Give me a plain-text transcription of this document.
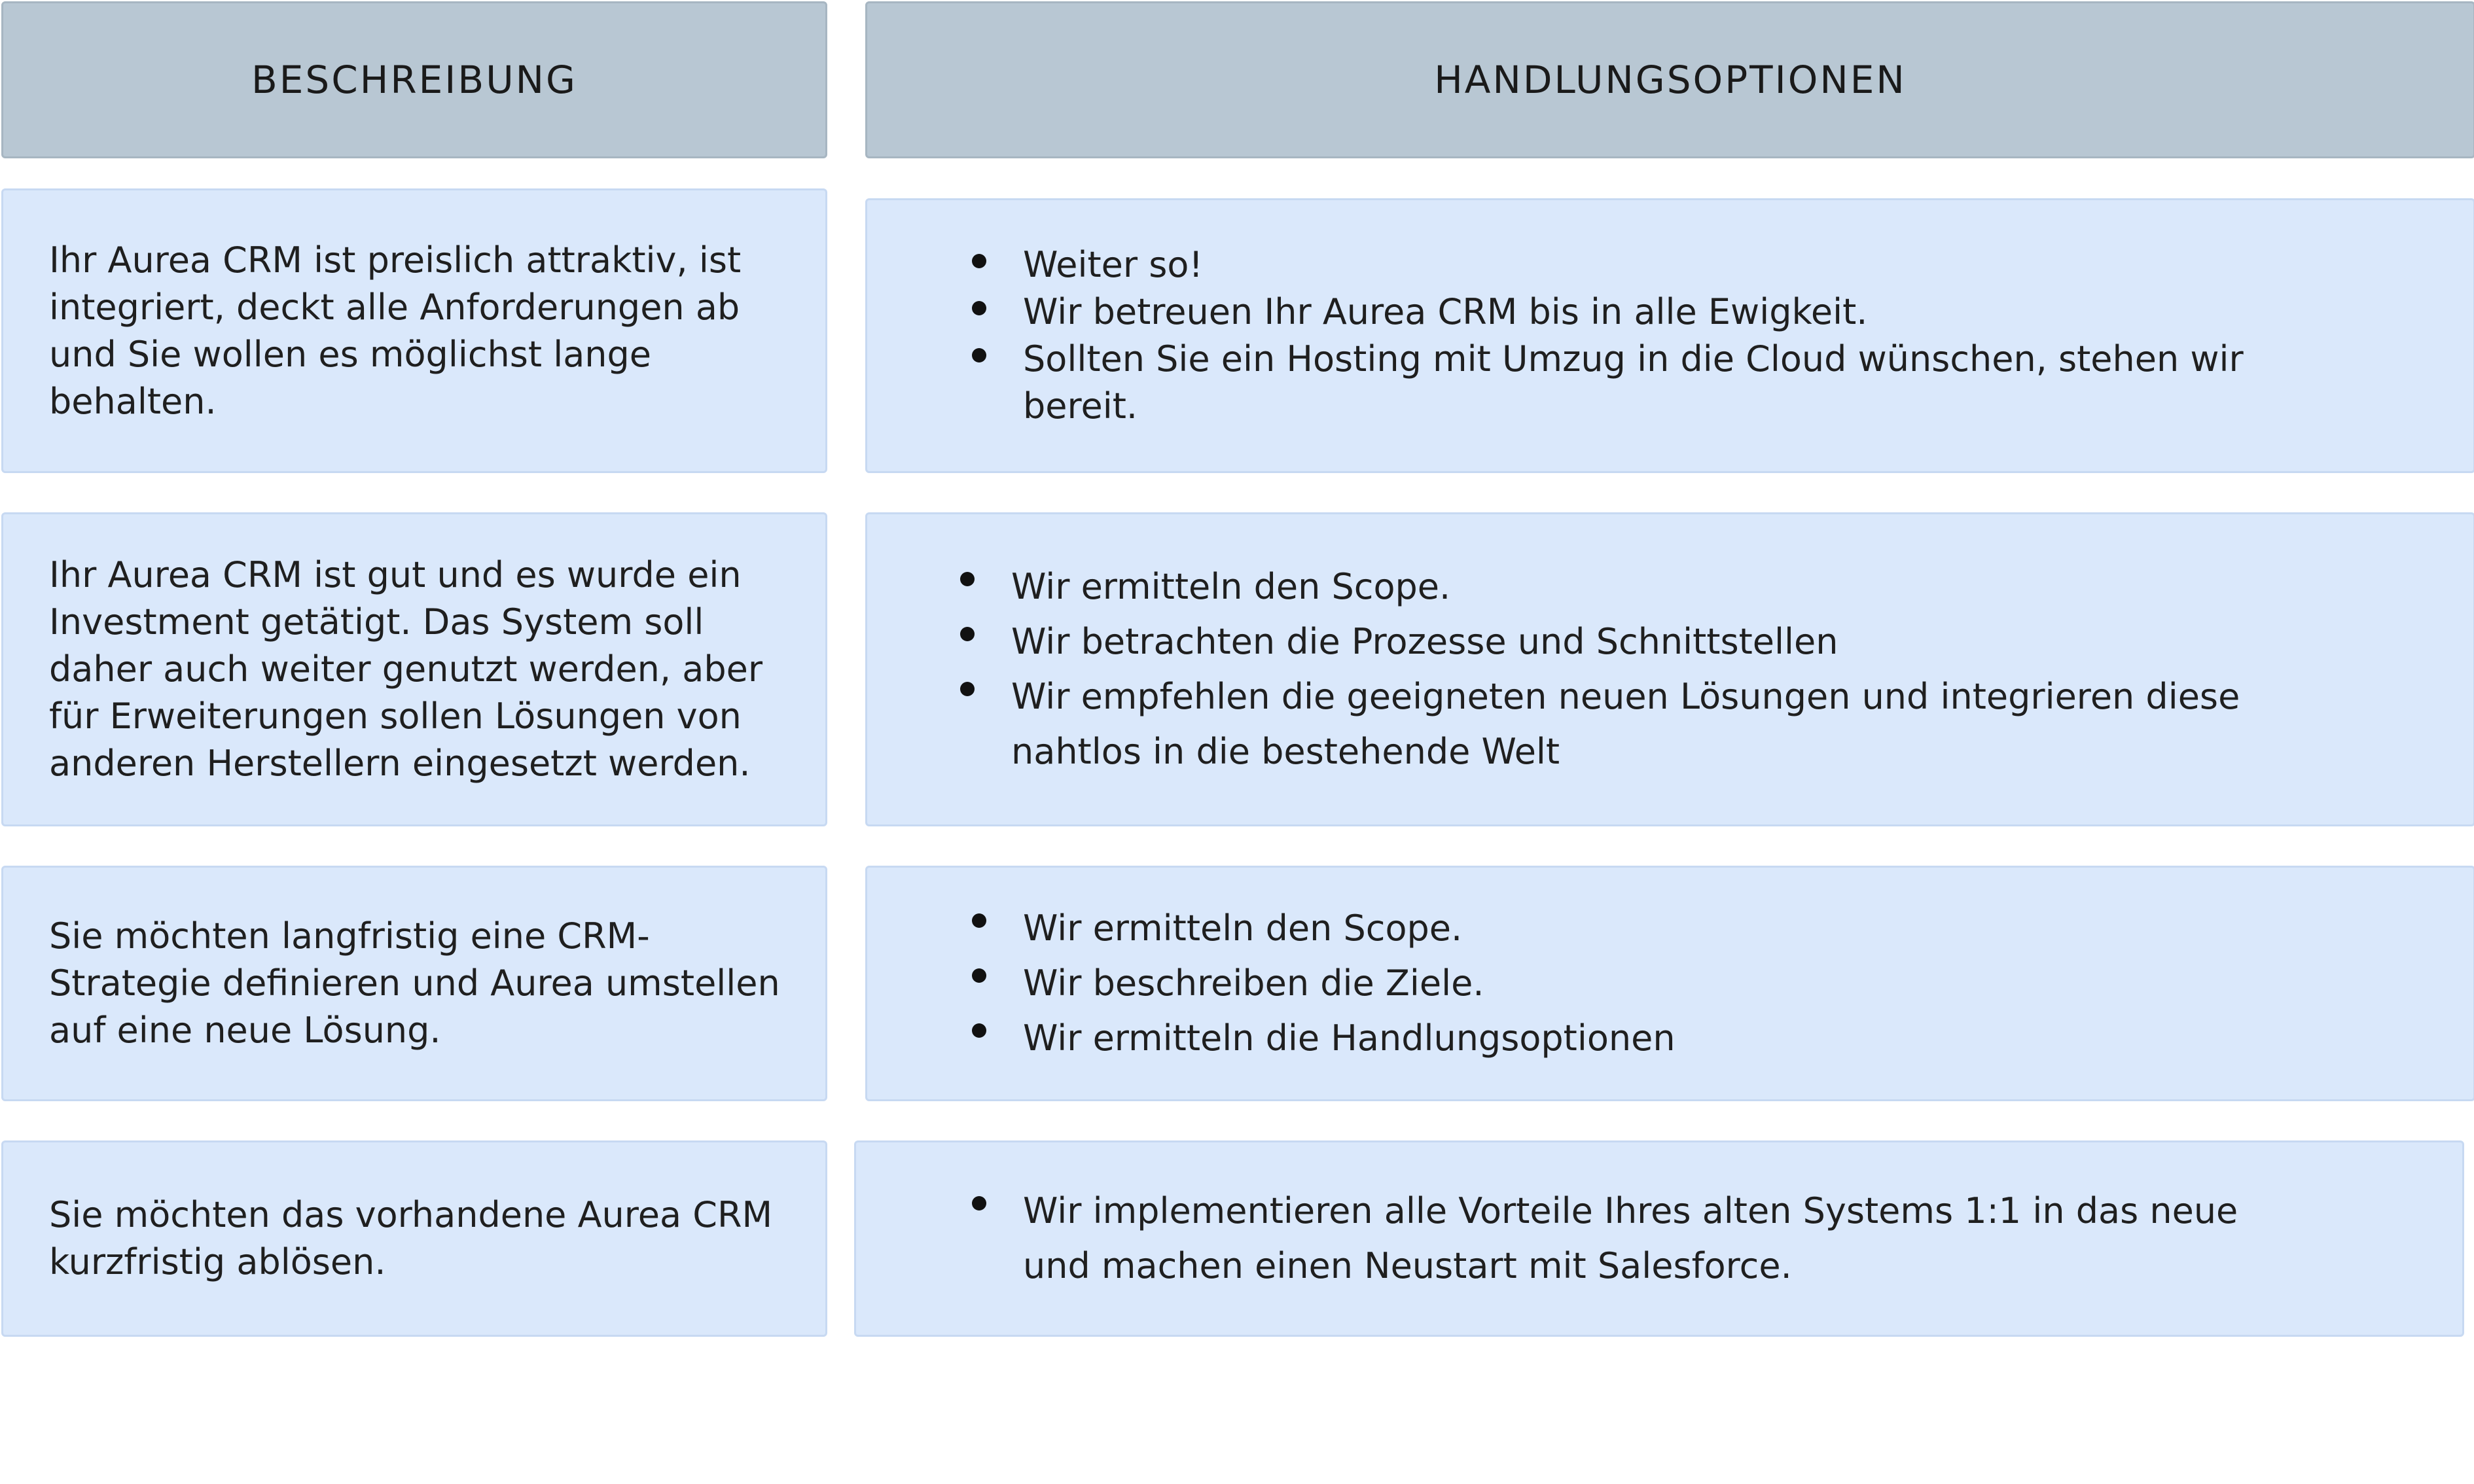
BESCHREIBUNG	HANDLUNGSOPTIONEN
Ihr Aurea CRM ist preislich attraktiv, ist integriert, deckt alle Anforderungen ab und Sie wollen es möglichst lange behalten.
Weiter so!
Wir betreuen Ihr Aurea CRM bis in alle Ewigkeit.
Sollten Sie ein Hosting mit Umzug in die Cloud wünschen, stehen wir bereit.
Ihr Aurea CRM ist gut und es wurde ein Investment getätigt. Das System soll daher auch weiter genutzt werden, aber für Erweiterungen sollen Lösungen von anderen Herstellern eingesetzt werden.
Wir ermitteln den Scope.
Wir betrachten die Prozesse und Schnittstellen
Wir empfehlen die geeigneten neuen Lösungen und integrieren diese nahtlos in die bestehende Welt
Sie möchten langfristig eine CRM-Strategie definieren und Aurea umstellen auf eine neue Lösung.
Wir ermitteln den Scope.
Wir beschreiben die Ziele.
Wir ermitteln die Handlungsoptionen
Sie möchten das vorhandene Aurea CRM kurzfristig ablösen.
Wir implementieren alle Vorteile Ihres alten Systems 1:1 in das neue und machen einen Neustart mit Salesforce.
